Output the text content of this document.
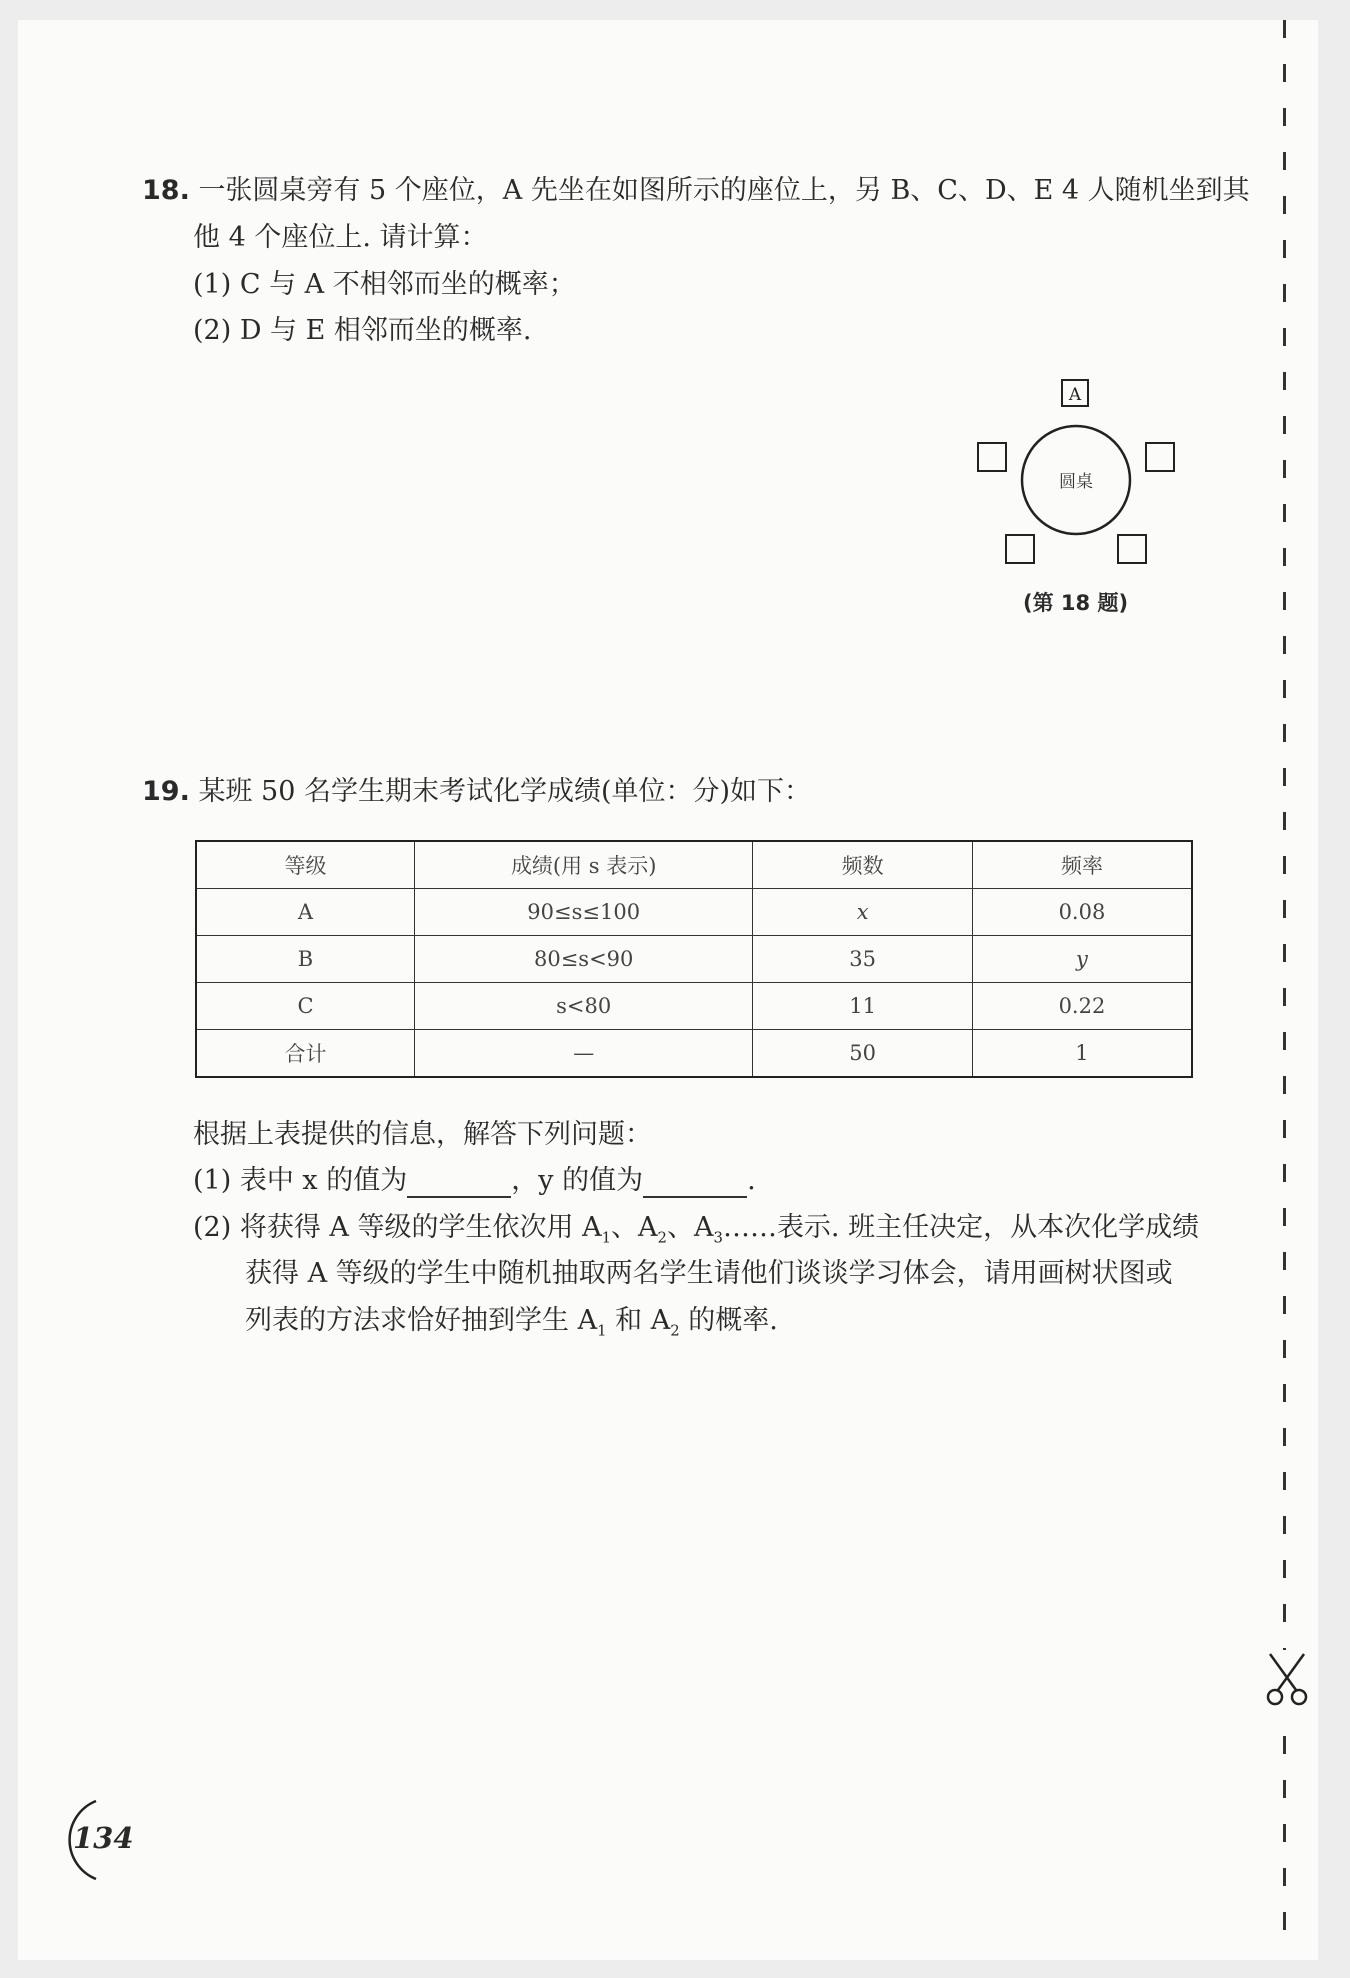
18. 一张圆桌旁有 5 个座位，A 先坐在如图所示的座位上，另 B、C、D、E 4 人随机坐到其
他 4 个座位上. 请计算：
(1) C 与 A 不相邻而坐的概率；
(2) D 与 E 相邻而坐的概率.
A
圆桌
(第 18 题)
19. 某班 50 名学生期末考试化学成绩(单位：分)如下：
等级	成绩(用 s 表示)	频数	频率
A	90≤s≤100	x	0.08
B	80≤s<90	35	y
C	s<80	11	0.22
合计	—	50	1
根据上表提供的信息，解答下列问题：
(1) 表中 x 的值为	，y 的值为	.
(2) 将获得 A 等级的学生依次用 $A_1$、$A_2$、$A_3\dots\dots$表示. 班主任决定，从本次化学成绩
获得 A 等级的学生中随机抽取两名学生请他们谈谈学习体会，请用画树状图或
列表的方法求恰好抽到学生 $A_1$ 和 $A_2$ 的概率.
134
